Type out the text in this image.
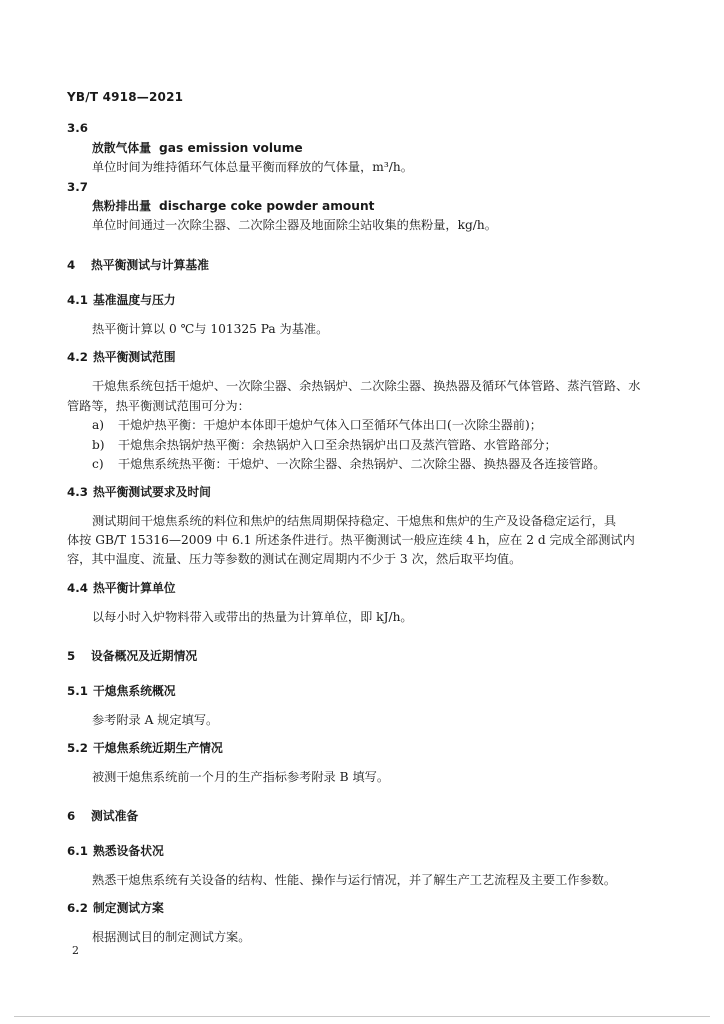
YB/T 4918—2021
3.6
放散气体量 gas emission volume
单位时间为维持循环气体总量平衡而释放的气体量，m³/h。
3.7
焦粉排出量 discharge coke powder amount
单位时间通过一次除尘器、二次除尘器及地面除尘站收集的焦粉量，kg/h。
4 热平衡测试与计算基准
4.1 基准温度与压力
热平衡计算以 0 ℃与 101325 Pa 为基准。
4.2 热平衡测试范围
干熄焦系统包括干熄炉、一次除尘器、余热锅炉、二次除尘器、换热器及循环气体管路、蒸汽管路、水
管路等，热平衡测试范围可分为：
a) 干熄炉热平衡：干熄炉本体即干熄炉气体入口至循环气体出口(一次除尘器前)；
b) 干熄焦余热锅炉热平衡：余热锅炉入口至余热锅炉出口及蒸汽管路、水管路部分；
c) 干熄焦系统热平衡：干熄炉、一次除尘器、余热锅炉、二次除尘器、换热器及各连接管路。
4.3 热平衡测试要求及时间
测试期间干熄焦系统的料位和焦炉的结焦周期保持稳定、干熄焦和焦炉的生产及设备稳定运行，具
体按 GB/T 15316—2009 中 6.1 所述条件进行。热平衡测试一般应连续 4 h，应在 2 d 完成全部测试内
容，其中温度、流量、压力等参数的测试在测定周期内不少于 3 次，然后取平均值。
4.4 热平衡计算单位
以每小时入炉物料带入或带出的热量为计算单位，即 kJ/h。
5 设备概况及近期情况
5.1 干熄焦系统概况
参考附录 A 规定填写。
5.2 干熄焦系统近期生产情况
被测干熄焦系统前一个月的生产指标参考附录 B 填写。
6 测试准备
6.1 熟悉设备状况
熟悉干熄焦系统有关设备的结构、性能、操作与运行情况，并了解生产工艺流程及主要工作参数。
6.2 制定测试方案
根据测试目的制定测试方案。
2
